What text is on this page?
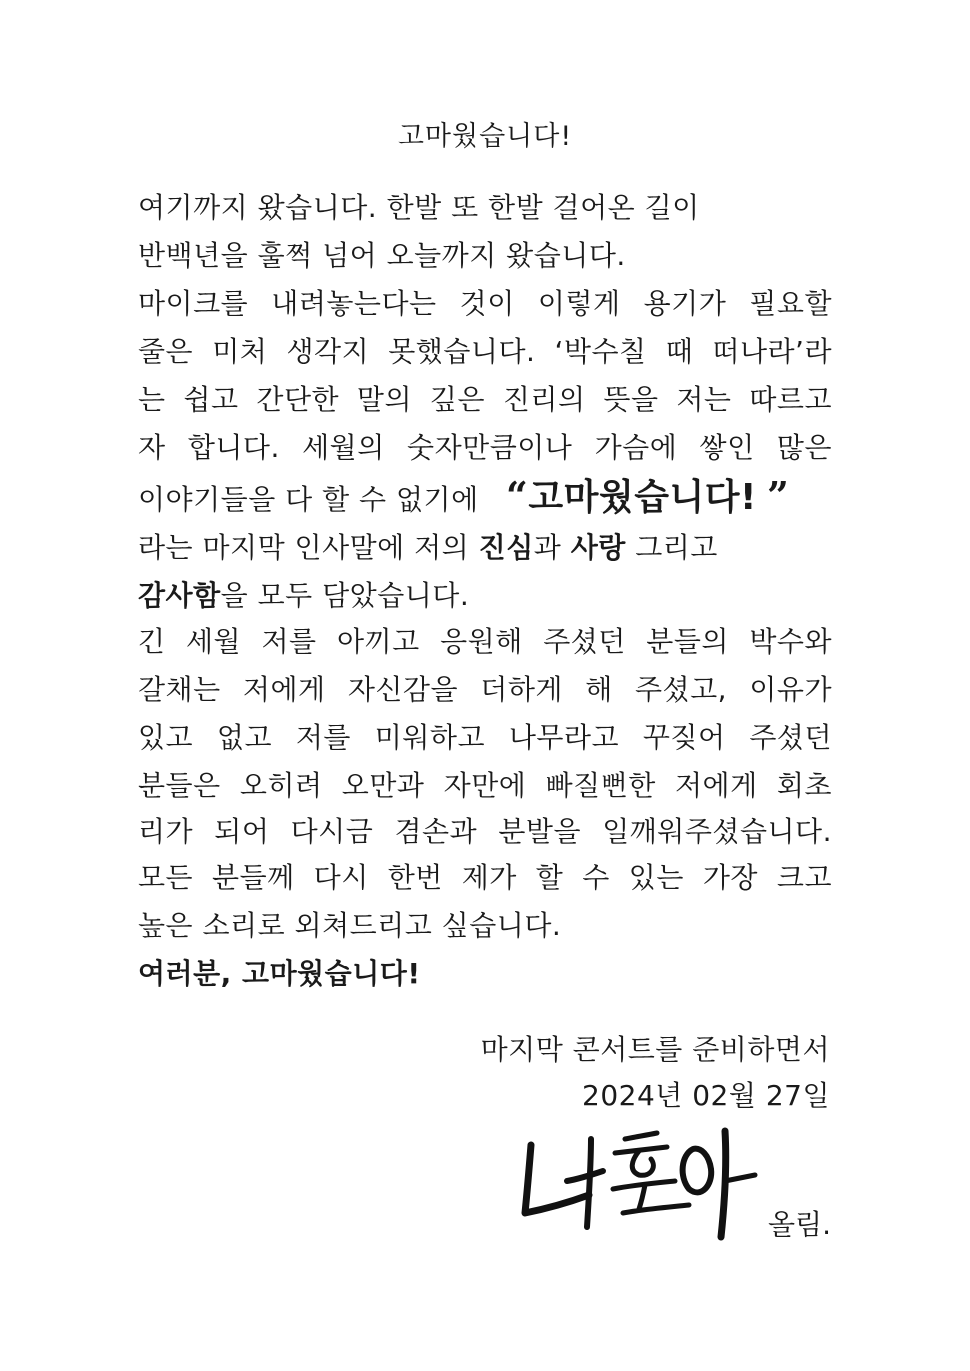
고마웠습니다!
여기까지 왔습니다. 한발 또 한발 걸어온 길이
반백년을 훌쩍 넘어 오늘까지 왔습니다.
마이크를 내려놓는다는 것이 이렇게 용기가 필요할
줄은 미처 생각지 못했습니다. ‘박수칠 때 떠나라’라
는 쉽고 간단한 말의 깊은 진리의 뜻을 저는 따르고
자 합니다. 세월의 숫자만큼이나 가슴에 쌓인 많은
이야기들을 다 할 수 없기에 “고마웠습니다! ”
라는 마지막 인사말에 저의 진심과 사랑 그리고
감사함을 모두 담았습니다.
긴 세월 저를 아끼고 응원해 주셨던 분들의 박수와
갈채는 저에게 자신감을 더하게 해 주셨고, 이유가
있고 없고 저를 미워하고 나무라고 꾸짖어 주셨던
분들은 오히려 오만과 자만에 빠질뻔한 저에게 회초
리가 되어 다시금 겸손과 분발을 일깨워주셨습니다.
모든 분들께 다시 한번 제가 할 수 있는 가장 크고
높은 소리로 외쳐드리고 싶습니다.
여러분, 고마웠습니다!
마지막 콘서트를 준비하면서
2024년 02월 27일
올림.
